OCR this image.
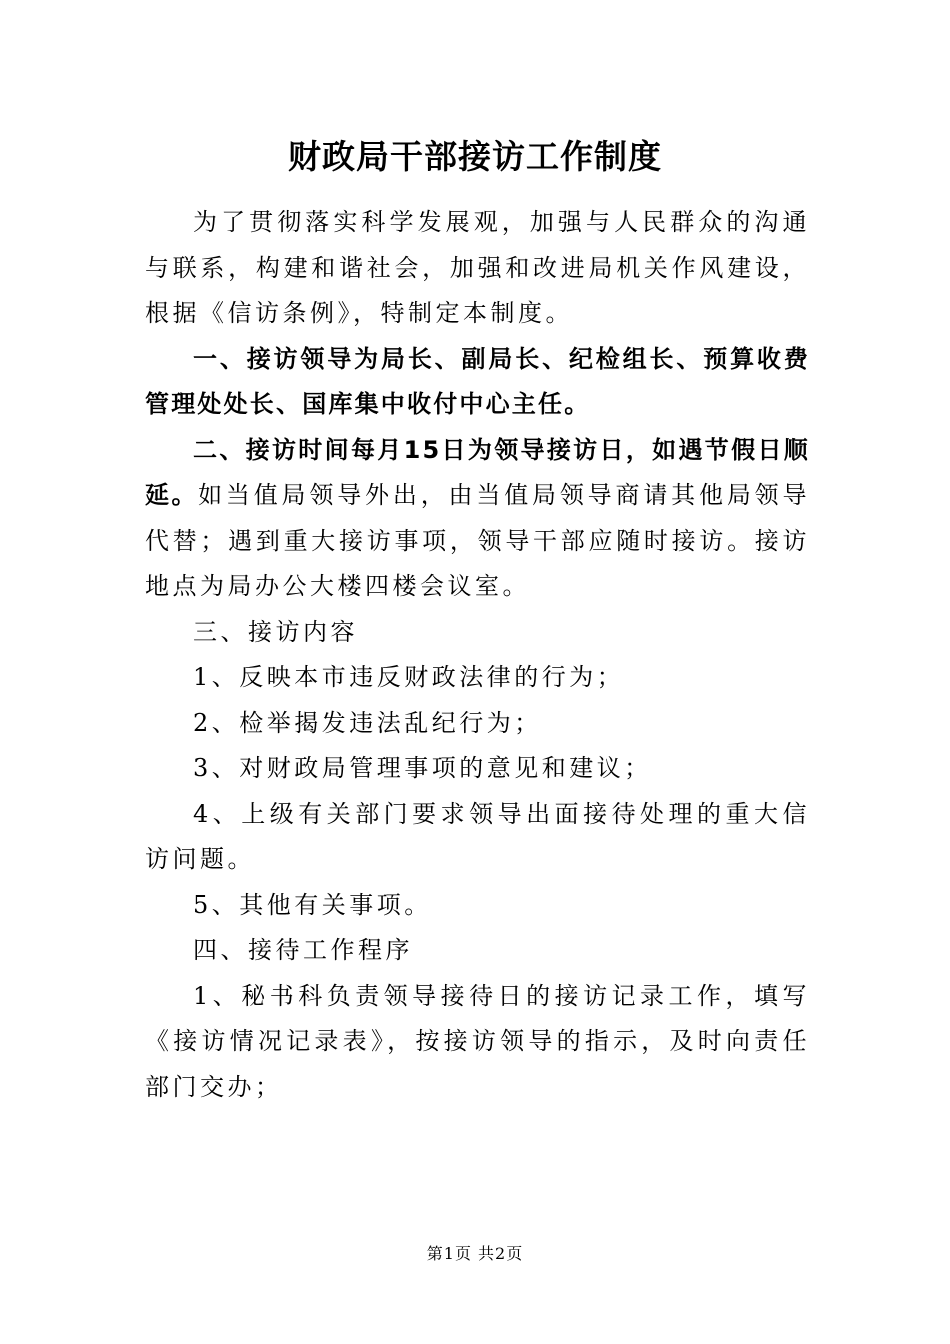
财政局干部接访工作制度

为了贯彻落实科学发展观，加强与人民群众的沟通与联系，构建和谐社会，加强和改进局机关作风建设，根据《信访条例》，特制定本制度。

一、接访领导为局长、副局长、纪检组长、预算收费管理处处长、国库集中收付中心主任。

二、接访时间每月15日为领导接访日，如遇节假日顺延。如当值局领导外出，由当值局领导商请其他局领导代替；遇到重大接访事项，领导干部应随时接访。接访地点为局办公大楼四楼会议室。

三、接访内容

1、反映本市违反财政法律的行为；

2、检举揭发违法乱纪行为；

3、对财政局管理事项的意见和建议；

4、上级有关部门要求领导出面接待处理的重大信访问题。

5、其他有关事项。

四、接待工作程序

1、秘书科负责领导接待日的接访记录工作，填写《接访情况记录表》，按接访领导的指示，及时向责任部门交办；

第1页 共2页
